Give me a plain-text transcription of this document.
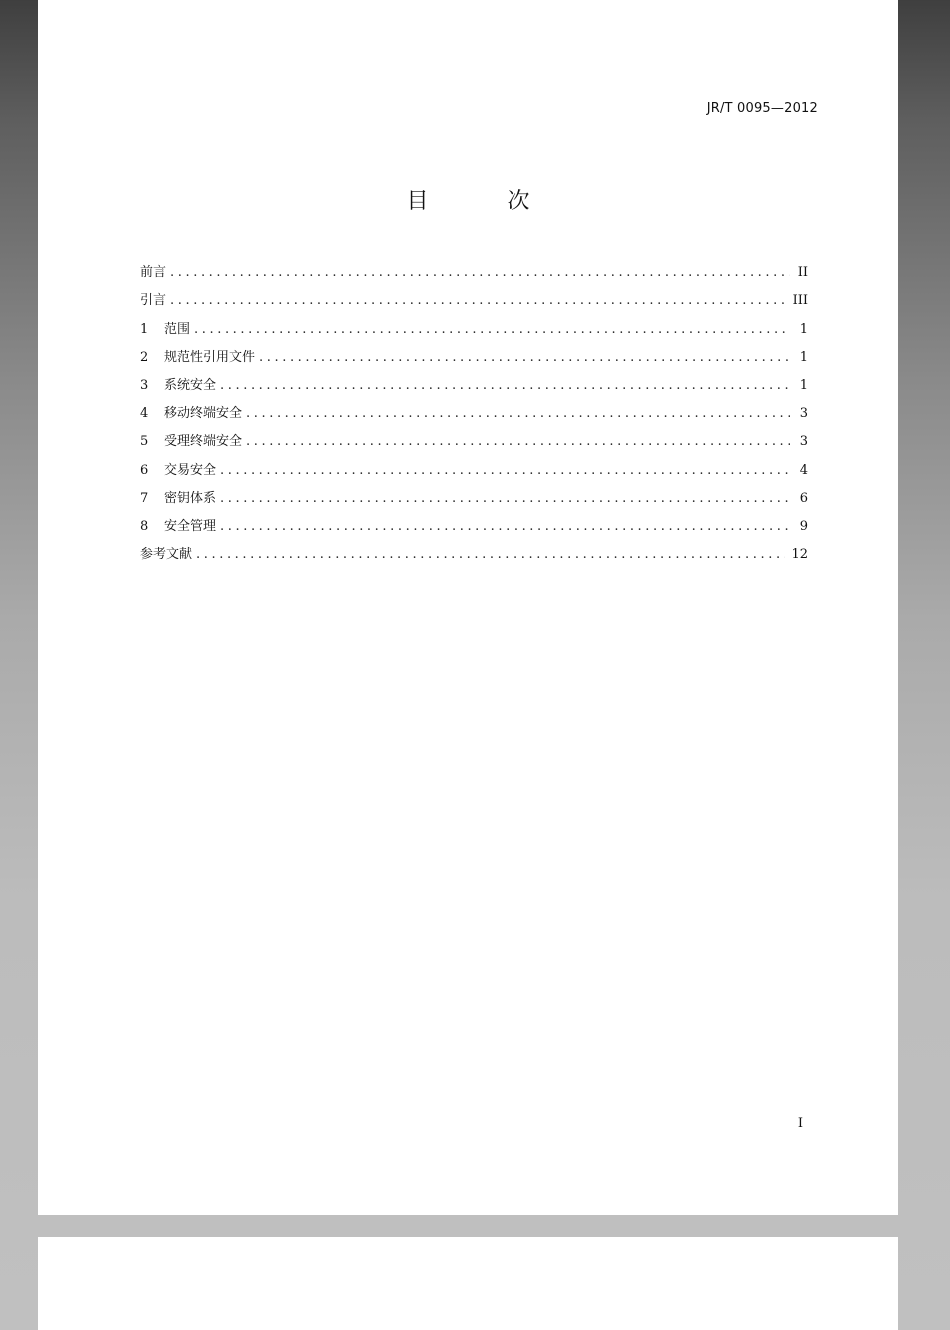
JR/T 0095—2012
目 次
前言 .....	II
引言 .....	III
1	范围 .....	1
2	规范性引用文件 .....	1
3	系统安全 .....	1
4	移动终端安全 .....	3
5	受理终端安全 .....	3
6	交易安全 .....	4
7	密钥体系 .....	6
8	安全管理 .....	9
参考文献 .....	12
I
